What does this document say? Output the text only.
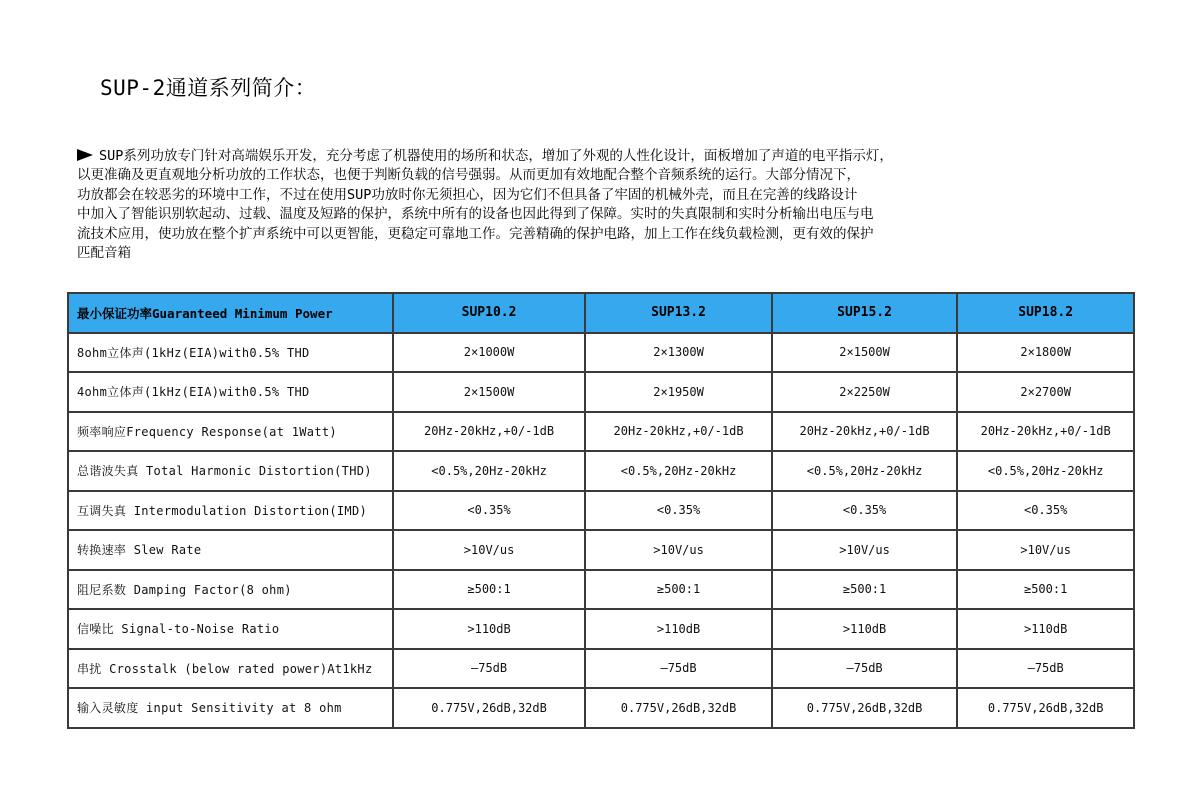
SUP-2通道系列简介：
SUP系列功放专门针对高端娱乐开发，充分考虑了机器使用的场所和状态，增加了外观的人性化设计，面板增加了声道的电平指示灯，
以更准确及更直观地分析功放的工作状态，也便于判断负载的信号强弱。从而更加有效地配合整个音频系统的运行。大部分情况下，
功放都会在较恶劣的环境中工作，不过在使用SUP功放时你无须担心，因为它们不但具备了牢固的机械外壳，而且在完善的线路设计
中加入了智能识别软起动、过载、温度及短路的保护，系统中所有的设备也因此得到了保障。实时的失真限制和实时分析输出电压与电
流技术应用，使功放在整个扩声系统中可以更智能，更稳定可靠地工作。完善精确的保护电路，加上工作在线负载检测，更有效的保护
匹配音箱
最小保证功率Guaranteed Minimum Power	SUP10.2	SUP13.2	SUP15.2	SUP18.2
8ohm立体声(1kHz(EIA)with0.5% THD	2×1000W	2×1300W	2×1500W	2×1800W
4ohm立体声(1kHz(EIA)with0.5% THD	2×1500W	2×1950W	2×2250W	2×2700W
频率响应Frequency Response(at 1Watt)	20Hz-20kHz,+0/-1dB	20Hz-20kHz,+0/-1dB	20Hz-20kHz,+0/-1dB	20Hz-20kHz,+0/-1dB
总谐波失真 Total Harmonic Distortion(THD)	<0.5%,20Hz-20kHz	<0.5%,20Hz-20kHz	<0.5%,20Hz-20kHz	<0.5%,20Hz-20kHz
互调失真 Intermodulation Distortion(IMD)	<0.35%	<0.35%	<0.35%	<0.35%
转换速率 Slew Rate	>10V/us	>10V/us	>10V/us	>10V/us
阻尼系数 Damping Factor(8 ohm)	≥500:1	≥500:1	≥500:1	≥500:1
信噪比 Signal-to-Noise Ratio	>110dB	>110dB	>110dB	>110dB
串扰 Crosstalk (below rated power)At1kHz	—75dB	—75dB	—75dB	—75dB
输入灵敏度 input Sensitivity at 8 ohm	0.775V,26dB,32dB	0.775V,26dB,32dB	0.775V,26dB,32dB	0.775V,26dB,32dB
